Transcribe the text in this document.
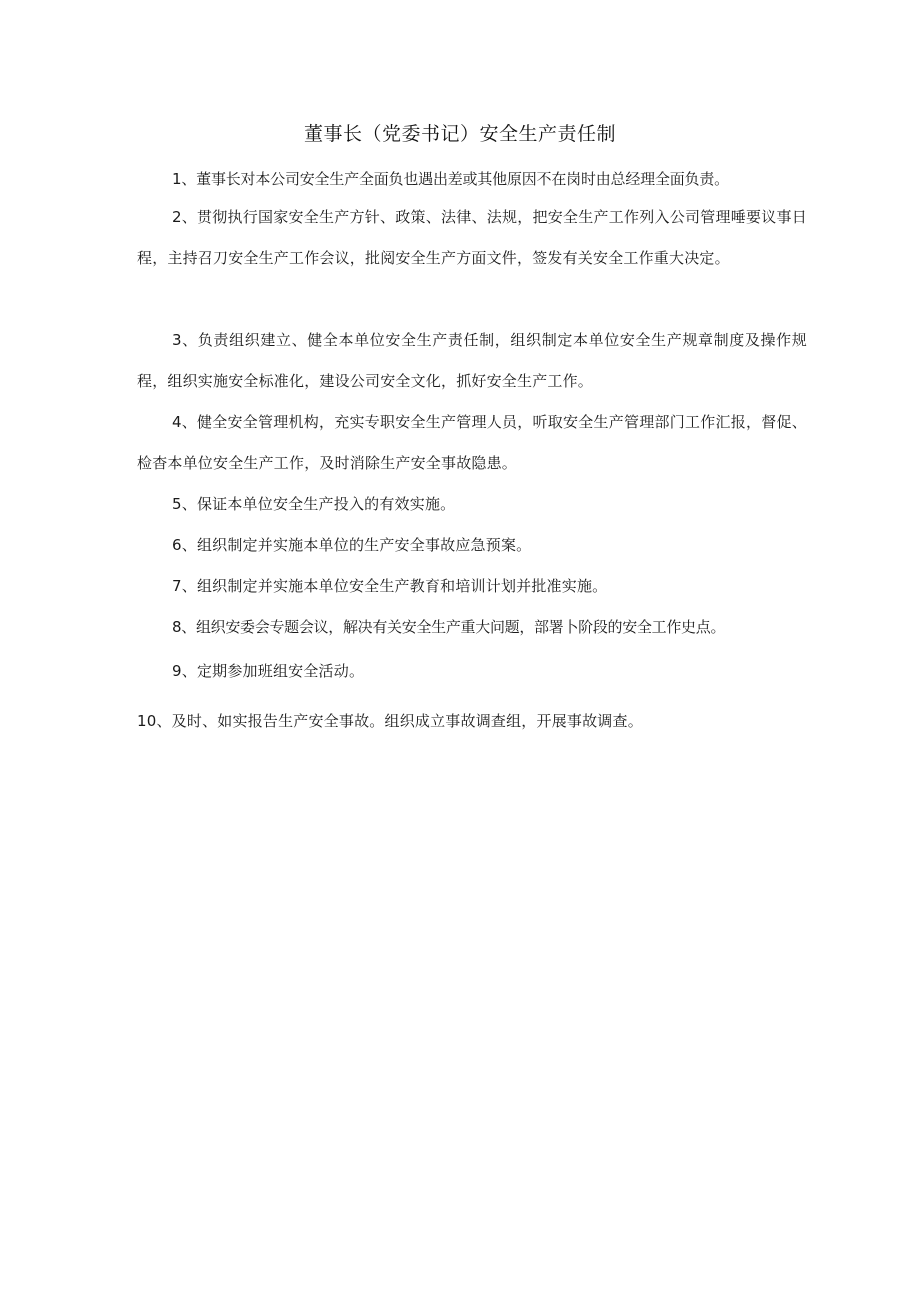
董事长（党委书记）安全生产责任制
1、董事长对本公司安全生产全面负也遇出差或其他原因不在岗时由总经理全面负责。
2、贯彻执行国家安全生产方针、政策、法律、法规，把安全生产工作列入公司管理唾要议事日程，主持召刀安全生产工作会议，批阅安全生产方面文件，签发有关安全工作重大决定。
3、负责组织建立、健全本单位安全生产责任制，组织制定本单位安全生产规章制度及操作规程，组织实施安全标准化，建设公司安全文化，抓好安全生产工作。
4、健全安全管理机构，充实专职安全生产管理人员，听取安全生产管理部门工作汇报，督促、检杳本单位安全生产工作，及时消除生产安全事故隐患。
5、保证本单位安全生产投入的有效实施。
6、组织制定并实施本单位的生产安全事故应急预案。
7、组织制定并实施本单位安全生产教育和培训计划并批准实施。
8、组织安委会专题会议，解决有关安全生产重大问题，部署卜阶段的安全工作史点。
9、定期参加班组安全活动。
10、及时、如实报告生产安全事故。组织成立事故调查组，开展事故调查。
